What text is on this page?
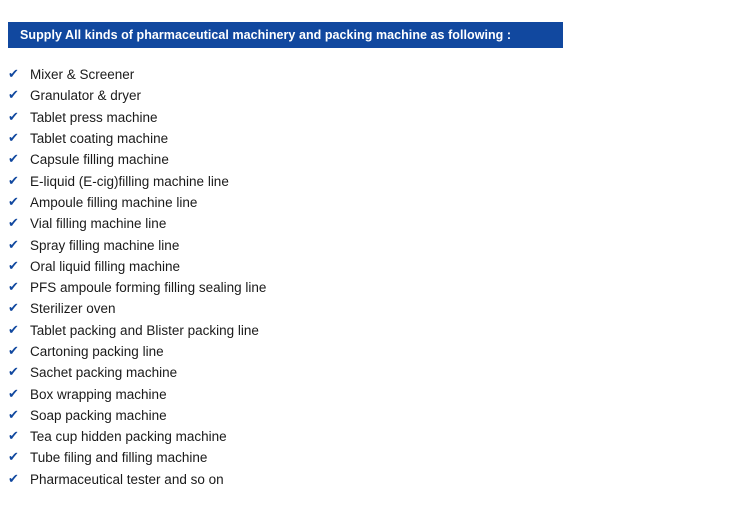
Supply All kinds of pharmaceutical machinery and packing machine as following :
✔ Mixer & Screener
✔ Granulator & dryer
✔ Tablet press machine
✔ Tablet coating machine
✔ Capsule filling machine
✔ E-liquid (E-cig)filling machine line
✔ Ampoule filling machine line
✔ Vial filling machine line
✔ Spray filling machine line
✔ Oral liquid filling machine
✔ PFS ampoule forming filling sealing line
✔ Sterilizer oven
✔ Tablet packing and Blister packing line
✔ Cartoning packing line
✔ Sachet packing machine
✔ Box wrapping machine
✔ Soap packing machine
✔ Tea cup hidden packing machine
✔ Tube filing and filling machine
✔ Pharmaceutical tester and so on
